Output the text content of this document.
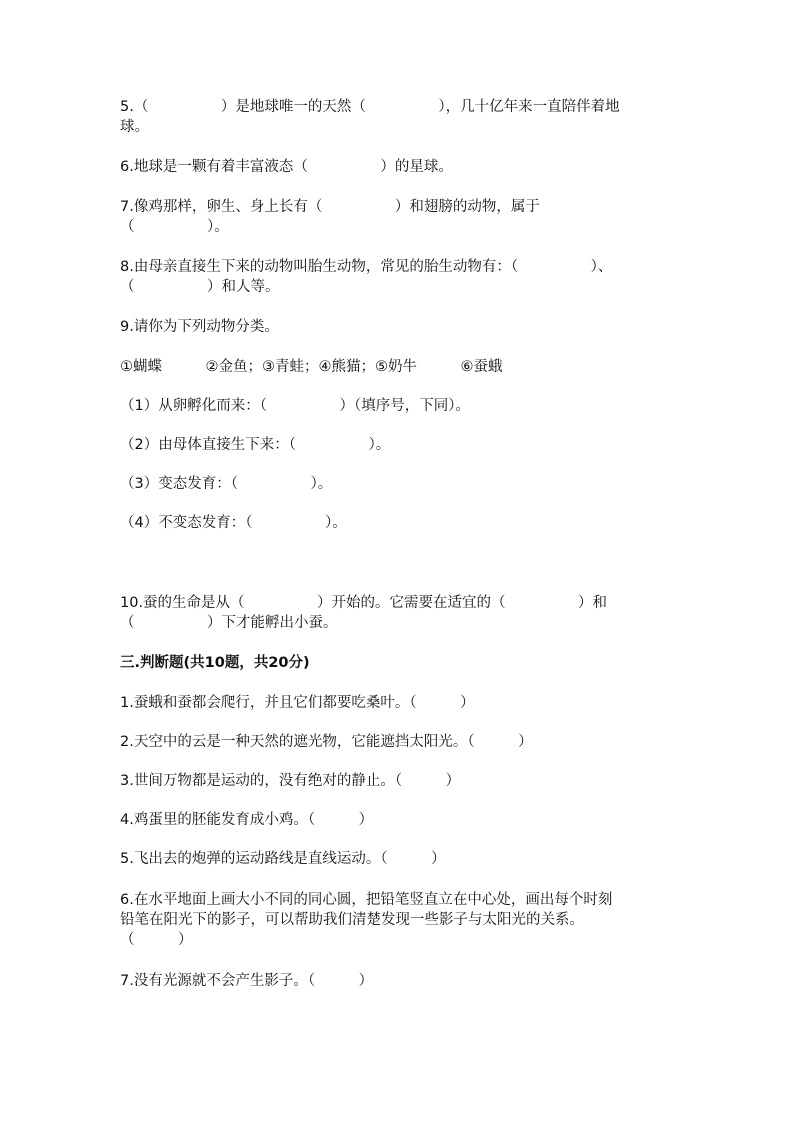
5.（　　　　　）是地球唯一的天然（　　　　　），几十亿年来一直陪伴着地
球。
6.地球是一颗有着丰富液态（　　　　　）的星球。
7.像鸡那样，卵生、身上长有（　　　　　）和翅膀的动物，属于
（　　　　　）。
8.由母亲直接生下来的动物叫胎生动物，常见的胎生动物有：（　　　　　）、
（　　　　　）和人等。
9.请你为下列动物分类。
①蝴蝶　　　②金鱼；③青蛙；④熊猫；⑤奶牛　　　⑥蚕蛾
（1）从卵孵化而来：（　　　　　）（填序号，下同）。
（2）由母体直接生下来：（　　　　　）。
（3）变态发育：（　　　　　）。
（4）不变态发育：（　　　　　）。
10.蚕的生命是从（　　　　　）开始的。它需要在适宜的（　　　　　）和
（　　　　　）下才能孵出小蚕。
三.判断题(共10题，共20分)
1.蚕蛾和蚕都会爬行，并且它们都要吃桑叶。（　　　）
2.天空中的云是一种天然的遮光物，它能遮挡太阳光。（　　　）
3.世间万物都是运动的，没有绝对的静止。（　　　）
4.鸡蛋里的胚能发育成小鸡。（　　　）
5.飞出去的炮弹的运动路线是直线运动。（　　　）
6.在水平地面上画大小不同的同心圆，把铅笔竖直立在中心处，画出每个时刻
铅笔在阳光下的影子，可以帮助我们清楚发现一些影子与太阳光的关系。
（　　　）
7.没有光源就不会产生影子。（　　　）
